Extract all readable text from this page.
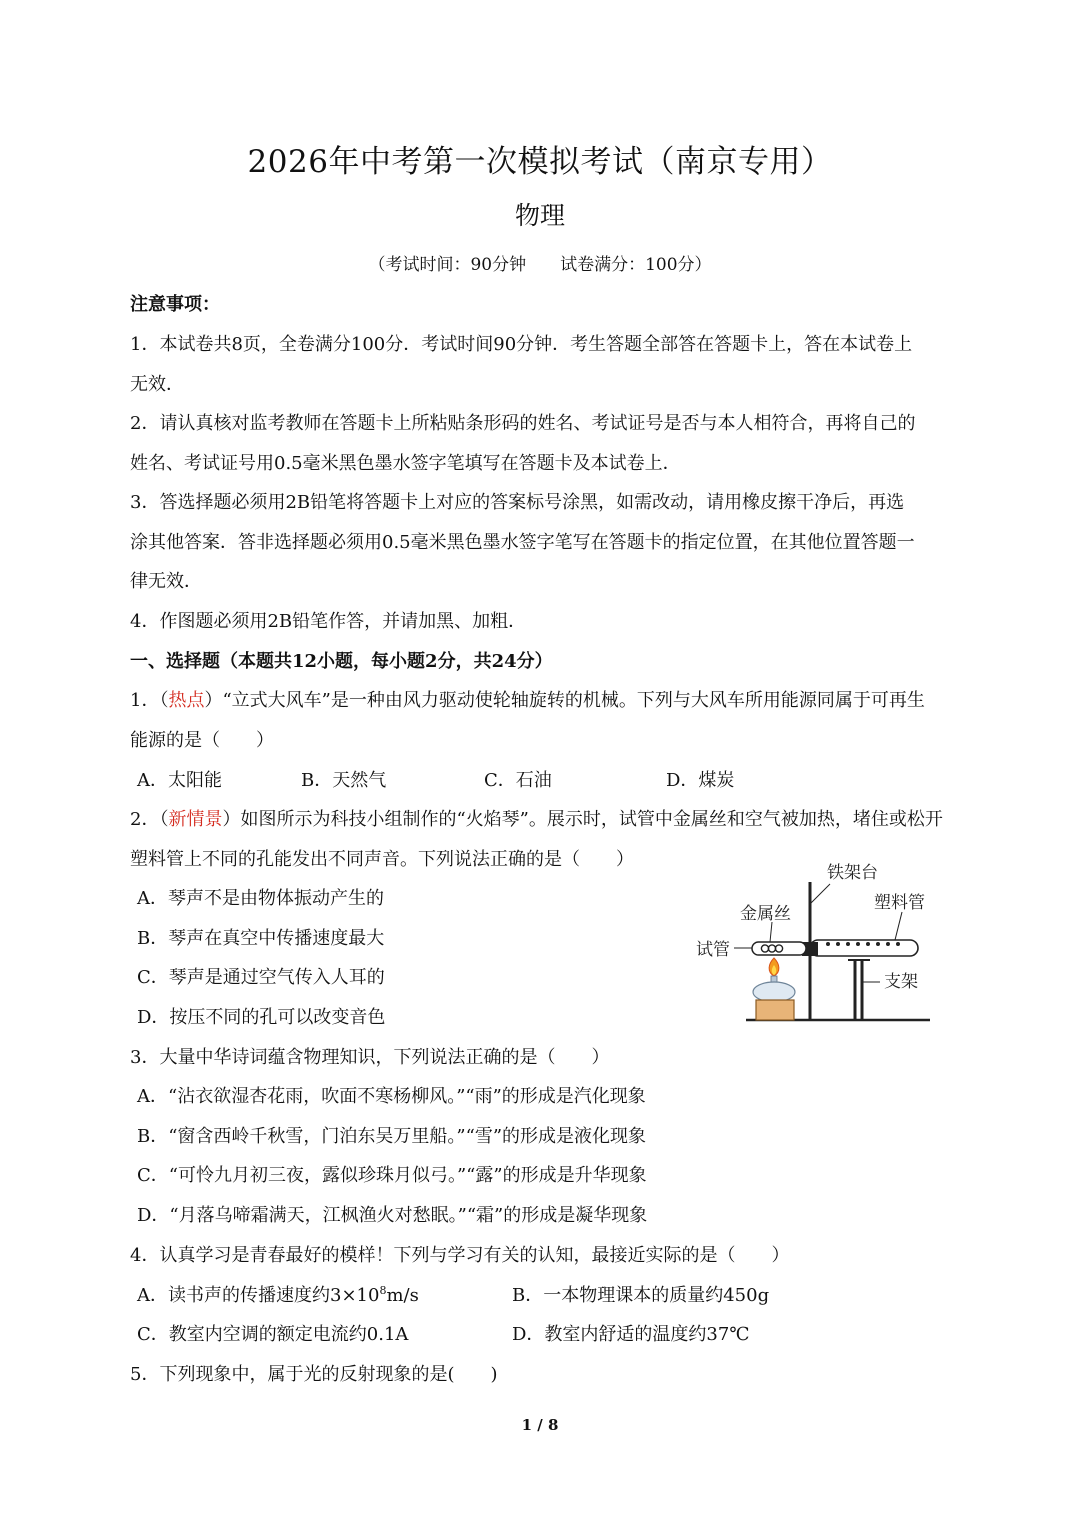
2026年中考第一次模拟考试（南京专用）
物理
（考试时间：90分钟 试卷满分：100分）
注意事项：
1．本试卷共8页，全卷满分100分．考试时间90分钟．考生答题全部答在答题卡上，答在本试卷上
无效．
2．请认真核对监考教师在答题卡上所粘贴条形码的姓名、考试证号是否与本人相符合，再将自己的
姓名、考试证号用0.5毫米黑色墨水签字笔填写在答题卡及本试卷上．
3．答选择题必须用2B铅笔将答题卡上对应的答案标号涂黑，如需改动，请用橡皮擦干净后，再选
涂其他答案．答非选择题必须用0.5毫米黑色墨水签字笔写在答题卡的指定位置，在其他位置答题一
律无效．
4．作图题必须用2B铅笔作答，并请加黑、加粗．
一、选择题（本题共12小题，每小题2分，共24分）
1．（热点）“立式大风车”是一种由风力驱动使轮轴旋转的机械。下列与大风车所用能源同属于可再生
能源的是（　　）
A．太阳能	B．天然气	C．石油	D．煤炭
2．（新情景）如图所示为科技小组制作的“火焰琴”。展示时，试管中金属丝和空气被加热，堵住或松开
塑料管上不同的孔能发出不同声音。下列说法正确的是（　　）
A．琴声不是由物体振动产生的
B．琴声在真空中传播速度最大
C．琴声是通过空气传入人耳的
D．按压不同的孔可以改变音色
铁架台
支架
塑料管
金属丝
试管
3．大量中华诗词蕴含物理知识，下列说法正确的是（　　）
A．“沾衣欲湿杏花雨，吹面不寒杨柳风。”“雨”的形成是汽化现象
B．“窗含西岭千秋雪，门泊东吴万里船。”“雪”的形成是液化现象
C．“可怜九月初三夜，露似珍珠月似弓。”“露”的形成是升华现象
D．“月落乌啼霜满天，江枫渔火对愁眠。”“霜”的形成是凝华现象
4．认真学习是青春最好的模样！下列与学习有关的认知，最接近实际的是（　　）
A．读书声的传播速度约$3\times 10^8m/s$	B．一本物理课本的质量约450g
C．教室内空调的额定电流约0.1A	D．教室内舒适的温度约37℃
5．下列现象中，属于光的反射现象的是(　　)
1 / 8
